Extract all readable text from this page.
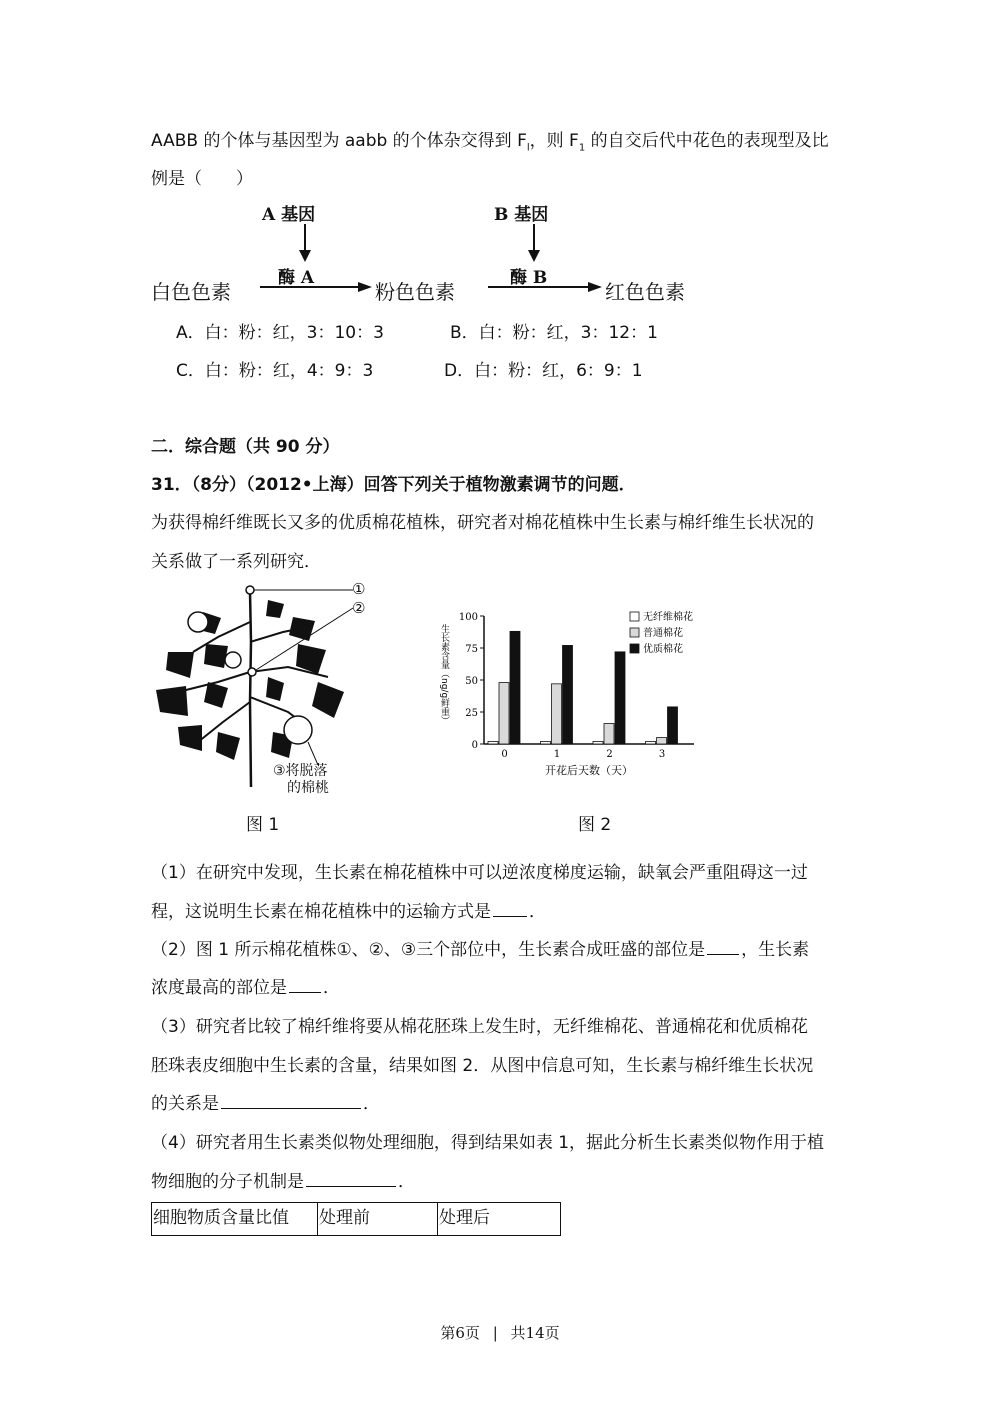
AABB 的个体与基因型为 aabb 的个体杂交得到 $F_l$，则 $F_1$ 的自交后代中花色的表现型及比
例是（　　）
A 基因	B 基因
酶 A	酶 B
白色色素	粉色色素	红色色素
A．白：粉：红，3：10：3	B．白：粉：红，3：12：1
C．白：粉：红，4：9：3	D．白：粉：红，6：9：1
二．综合题（共 90 分）
31．（8分）（2012•上海）回答下列关于植物激素调节的问题．
为获得棉纤维既长又多的优质棉花植株，研究者对棉花植株中生长素与棉纤维生长状况的
关系做了一系列研究．
①
②
③将脱落
的棉桃
图 1
0
25
50
75
100
生长素含量（ng/g鲜重）
0	1	2	3
开花后天数（天）
无纤维棉花
普通棉花
优质棉花
图 2
（1）在研究中发现，生长素在棉花植株中可以逆浓度梯度运输，缺氧会严重阻碍这一过
程，这说明生长素在棉花植株中的运输方式是 ．
（2）图 1 所示棉花植株①、②、③三个部位中，生长素合成旺盛的部位是 ，生长素
浓度最高的部位是 ．
（3）研究者比较了棉纤维将要从棉花胚珠上发生时，无纤维棉花、普通棉花和优质棉花
胚珠表皮细胞中生长素的含量，结果如图 2．从图中信息可知，生长素与棉纤维生长状况
的关系是	．
（4）研究者用生长素类似物处理细胞，得到结果如表 1，据此分析生长素类似物作用于植
物细胞的分子机制是	．
细胞物质含量比值	处理前	处理后
第6页 | 共14页
